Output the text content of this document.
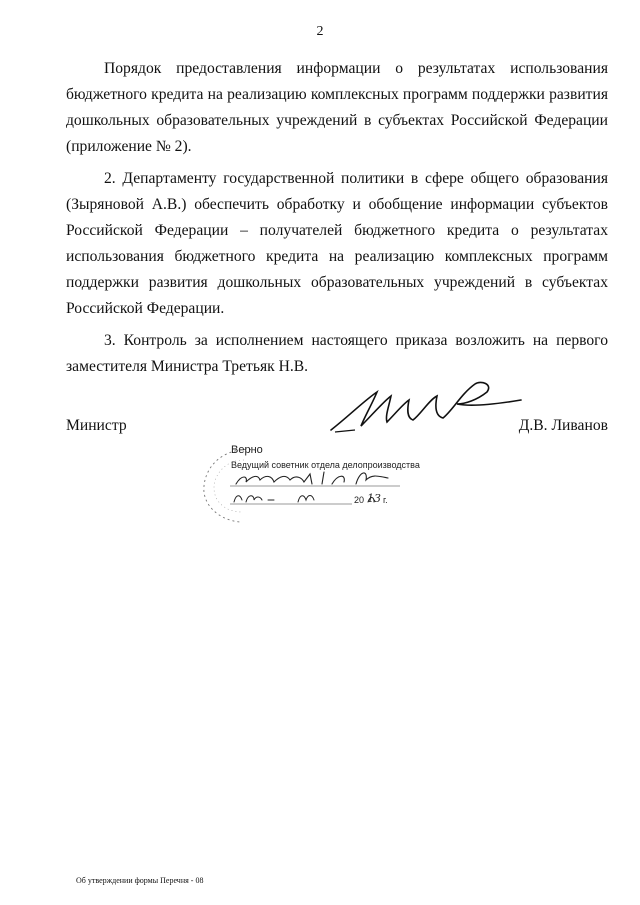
2

Порядок предоставления информации о результатах использования бюджетного кредита на реализацию комплексных программ поддержки развития дошкольных образовательных учреждений в субъектах Российской Федерации (приложение № 2).

2. Департаменту государственной политики в сфере общего образования (Зыряновой А.В.) обеспечить обработку и обобщение информации субъектов Российской Федерации – получателей бюджетного кредита о результатах использования бюджетного кредита на реализацию комплексных программ поддержки развития дошкольных образовательных учреждений в субъектах Российской Федерации.

3. Контроль за исполнением настоящего приказа возложить на первого заместителя Министра Третьяк Н.В.

Министр	Д.В. Ливанов
Верно
Ведущий советник отдела делопроизводства
20 г.
13
Об утверждении формы Перечня - 08
